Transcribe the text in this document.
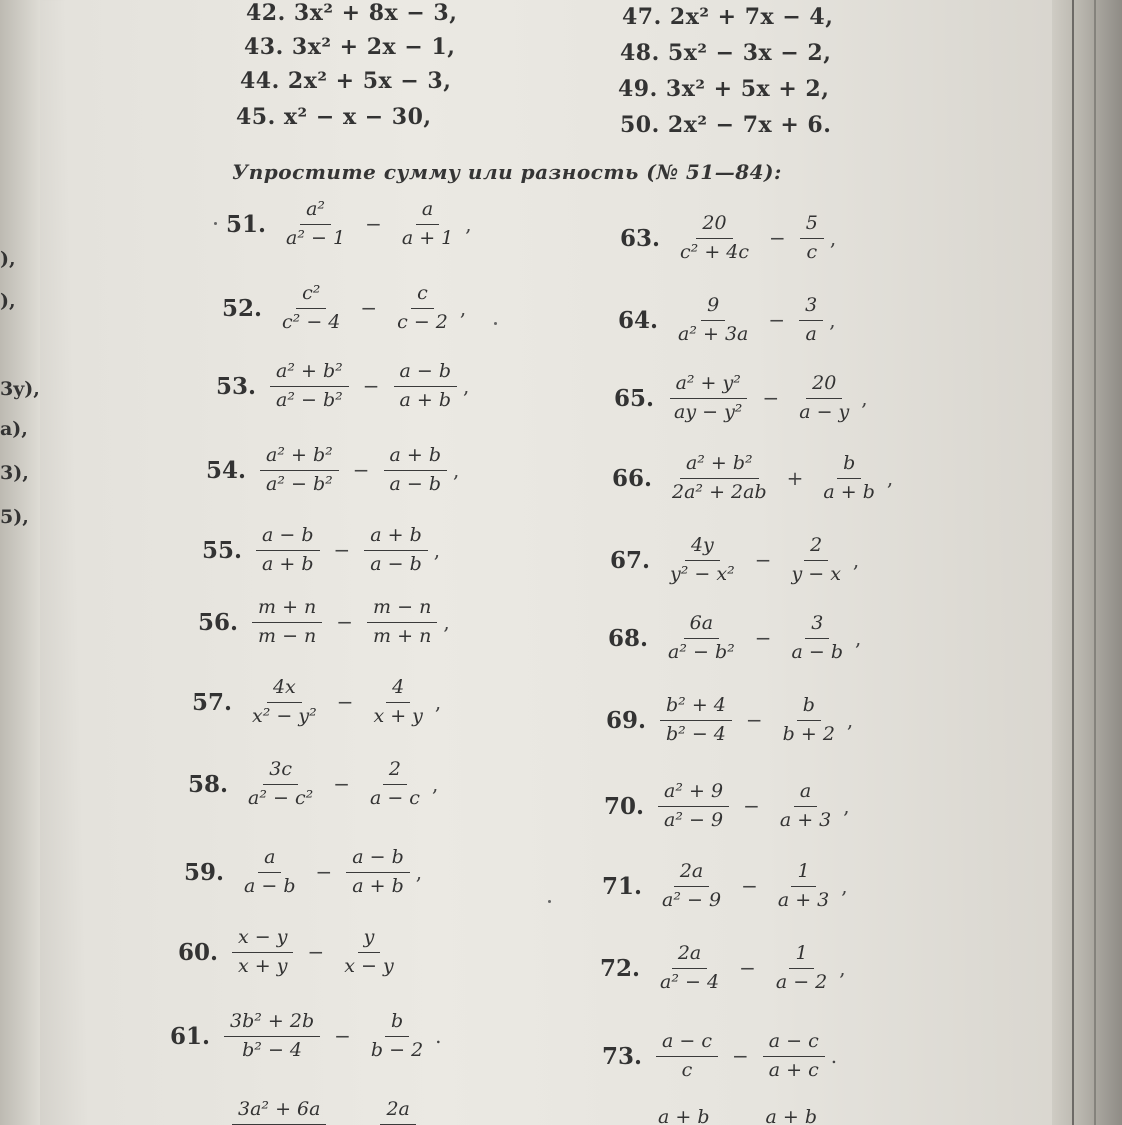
),
),
3y),
a),
3),
5),
42. 3x² + 8x − 3,
43. 3x² + 2x − 1,
44. 2x² + 5x − 3,
45. x² − x − 30,
47. 2x² + 7x − 4,
48. 5x² − 3x − 2,
49. 3x² + 5x + 2,
50. 2x² − 7x + 6.
Упростите сумму или разность (№ 51—84):
51. $\frac{\text{a²}}{\text{a² − 1}} - \frac{a}{a + 1}$ ,
52. $\frac{\text{c²}}{\text{c² − 4}} - \frac{c}{c - 2}$ ,
53. $\frac{\text{a² + b²}}{\text{a² − b²}} - \frac{a - b}{a + b}$ ,
54. $\frac{\text{a² + b²}}{\text{a² − b²}} - \frac{a + b}{a - b}$ ,
55. $\frac{a - b}{a + b} - \frac{a + b}{a - b}$ ,
56. $\frac{m + n}{m - n} - \frac{m - n}{m + n}$ ,
57. $\frac{4x}{\text{x² − y²}} - \frac{4}{x + y}$ ,
58. $\frac{3c}{\text{a² − c²}} - \frac{2}{a - c}$ ,
59. $\frac{a}{a - b} - \frac{a - b}{a + b}$ ,
60. $\frac{x - y}{x + y} - \frac{y}{x - y}$
61. $\frac{\text{3b² + 2b}}{\text{b² − 4}} - \frac{b}{b - 2}$ .
63. $\frac{20}{\text{c² + 4c}} - \frac{5}{c}$ ,
64. $\frac{9}{\text{a² + 3a}} - \frac{3}{a}$ ,
65. $\frac{\text{a² + y²}}{\text{ay − y²}} - \frac{20}{a - y}$ ,
66. $\frac{\text{a² + b²}}{\text{2a² + 2ab}} + \frac{b}{a + b}$ ,
67. $\frac{4y}{\text{y² − x²}} - \frac{2}{y - x}$ ,
68. $\frac{6a}{\text{a² − b²}} - \frac{3}{a - b}$ ,
69. $\frac{\text{b² + 4}}{\text{b² − 4}} - \frac{b}{b + 2}$ ,
70. $\frac{\text{a² + 9}}{\text{a² − 9}} - \frac{a}{a + 3}$ ,
71. $\frac{2a}{\text{a² − 9}} - \frac{1}{a + 3}$ ,
72. $\frac{2a}{\text{a² − 4}} - \frac{1}{a - 2}$ ,
73. $\frac{a - c}{c} - \frac{a - c}{a + c}$ .
3a² + 6a	2a	a + b	a + b
